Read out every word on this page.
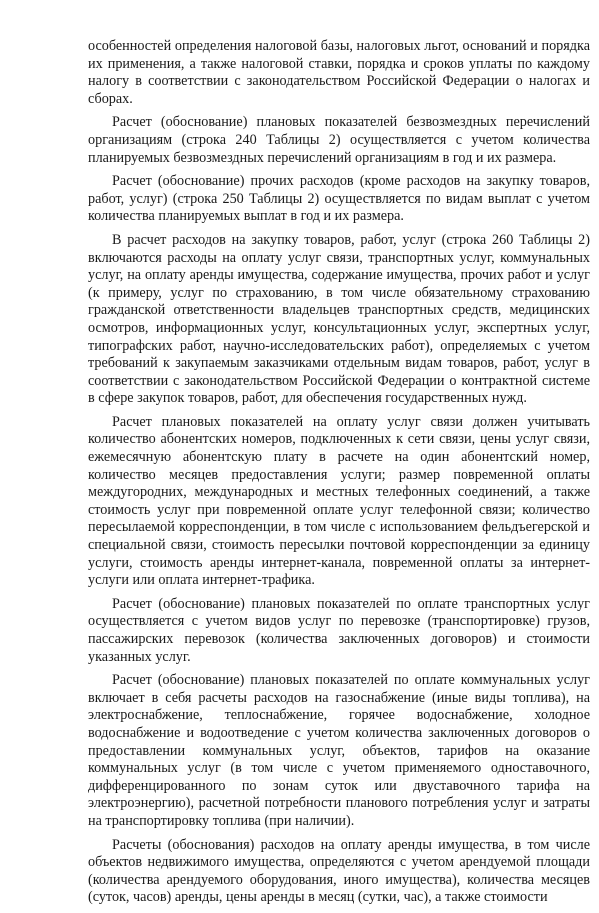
особенностей определения налоговой базы, налоговых льгот, оснований и порядка их применения, а также налоговой ставки, порядка и сроков уплаты по каждому налогу в соответствии с законодательством Российской Федерации о налогах и сборах.

Расчет (обоснование) плановых показателей безвозмездных перечислений организациям (строка 240 Таблицы 2) осуществляется с учетом количества планируемых безвозмездных перечислений организациям в год и их размера.

Расчет (обоснование) прочих расходов (кроме расходов на закупку товаров, работ, услуг) (строка 250 Таблицы 2) осуществляется по видам выплат с учетом количества планируемых выплат в год и их размера.

В расчет расходов на закупку товаров, работ, услуг (строка 260 Таблицы 2) включаются расходы на оплату услуг связи, транспортных услуг, коммунальных услуг, на оплату аренды имущества, содержание имущества, прочих работ и услуг (к примеру, услуг по страхованию, в том числе обязательному страхованию гражданской ответственности владельцев транспортных средств, медицинских осмотров, информационных услуг, консультационных услуг, экспертных услуг, типографских работ, научно-исследовательских работ), определяемых с учетом требований к закупаемым заказчиками отдельным видам товаров, работ, услуг в соответствии с законодательством Российской Федерации о контрактной системе в сфере закупок товаров, работ, для обеспечения государственных нужд.

Расчет плановых показателей на оплату услуг связи должен учитывать количество абонентских номеров, подключенных к сети связи, цены услуг связи, ежемесячную абонентскую плату в расчете на один абонентский номер, количество месяцев предоставления услуги; размер повременной оплаты междугородних, международных и местных телефонных соединений, а также стоимость услуг при повременной оплате услуг телефонной связи; количество пересылаемой корреспонденции, в том числе с использованием фельдъегерской и специальной связи, стоимость пересылки почтовой корреспонденции за единицу услуги, стоимость аренды интернет-канала, повременной оплаты за интернет-услуги или оплата интернет-трафика.

Расчет (обоснование) плановых показателей по оплате транспортных услуг осуществляется с учетом видов услуг по перевозке (транспортировке) грузов, пассажирских перевозок (количества заключенных договоров) и стоимости указанных услуг.

Расчет (обоснование) плановых показателей по оплате коммунальных услуг включает в себя расчеты расходов на газоснабжение (иные виды топлива), на электроснабжение, теплоснабжение, горячее водоснабжение, холодное водоснабжение и водоотведение с учетом количества заключенных договоров о предоставлении коммунальных услуг, объектов, тарифов на оказание коммунальных услуг (в том числе с учетом применяемого одноставочного, дифференцированного по зонам суток или двуставочного тарифа на электроэнергию), расчетной потребности планового потребления услуг и затраты на транспортировку топлива (при наличии).

Расчеты (обоснования) расходов на оплату аренды имущества, в том числе объектов недвижимого имущества, определяются с учетом арендуемой площади (количества арендуемого оборудования, иного имущества), количества месяцев (суток, часов) аренды, цены аренды в месяц (сутки, час), а также стоимости
